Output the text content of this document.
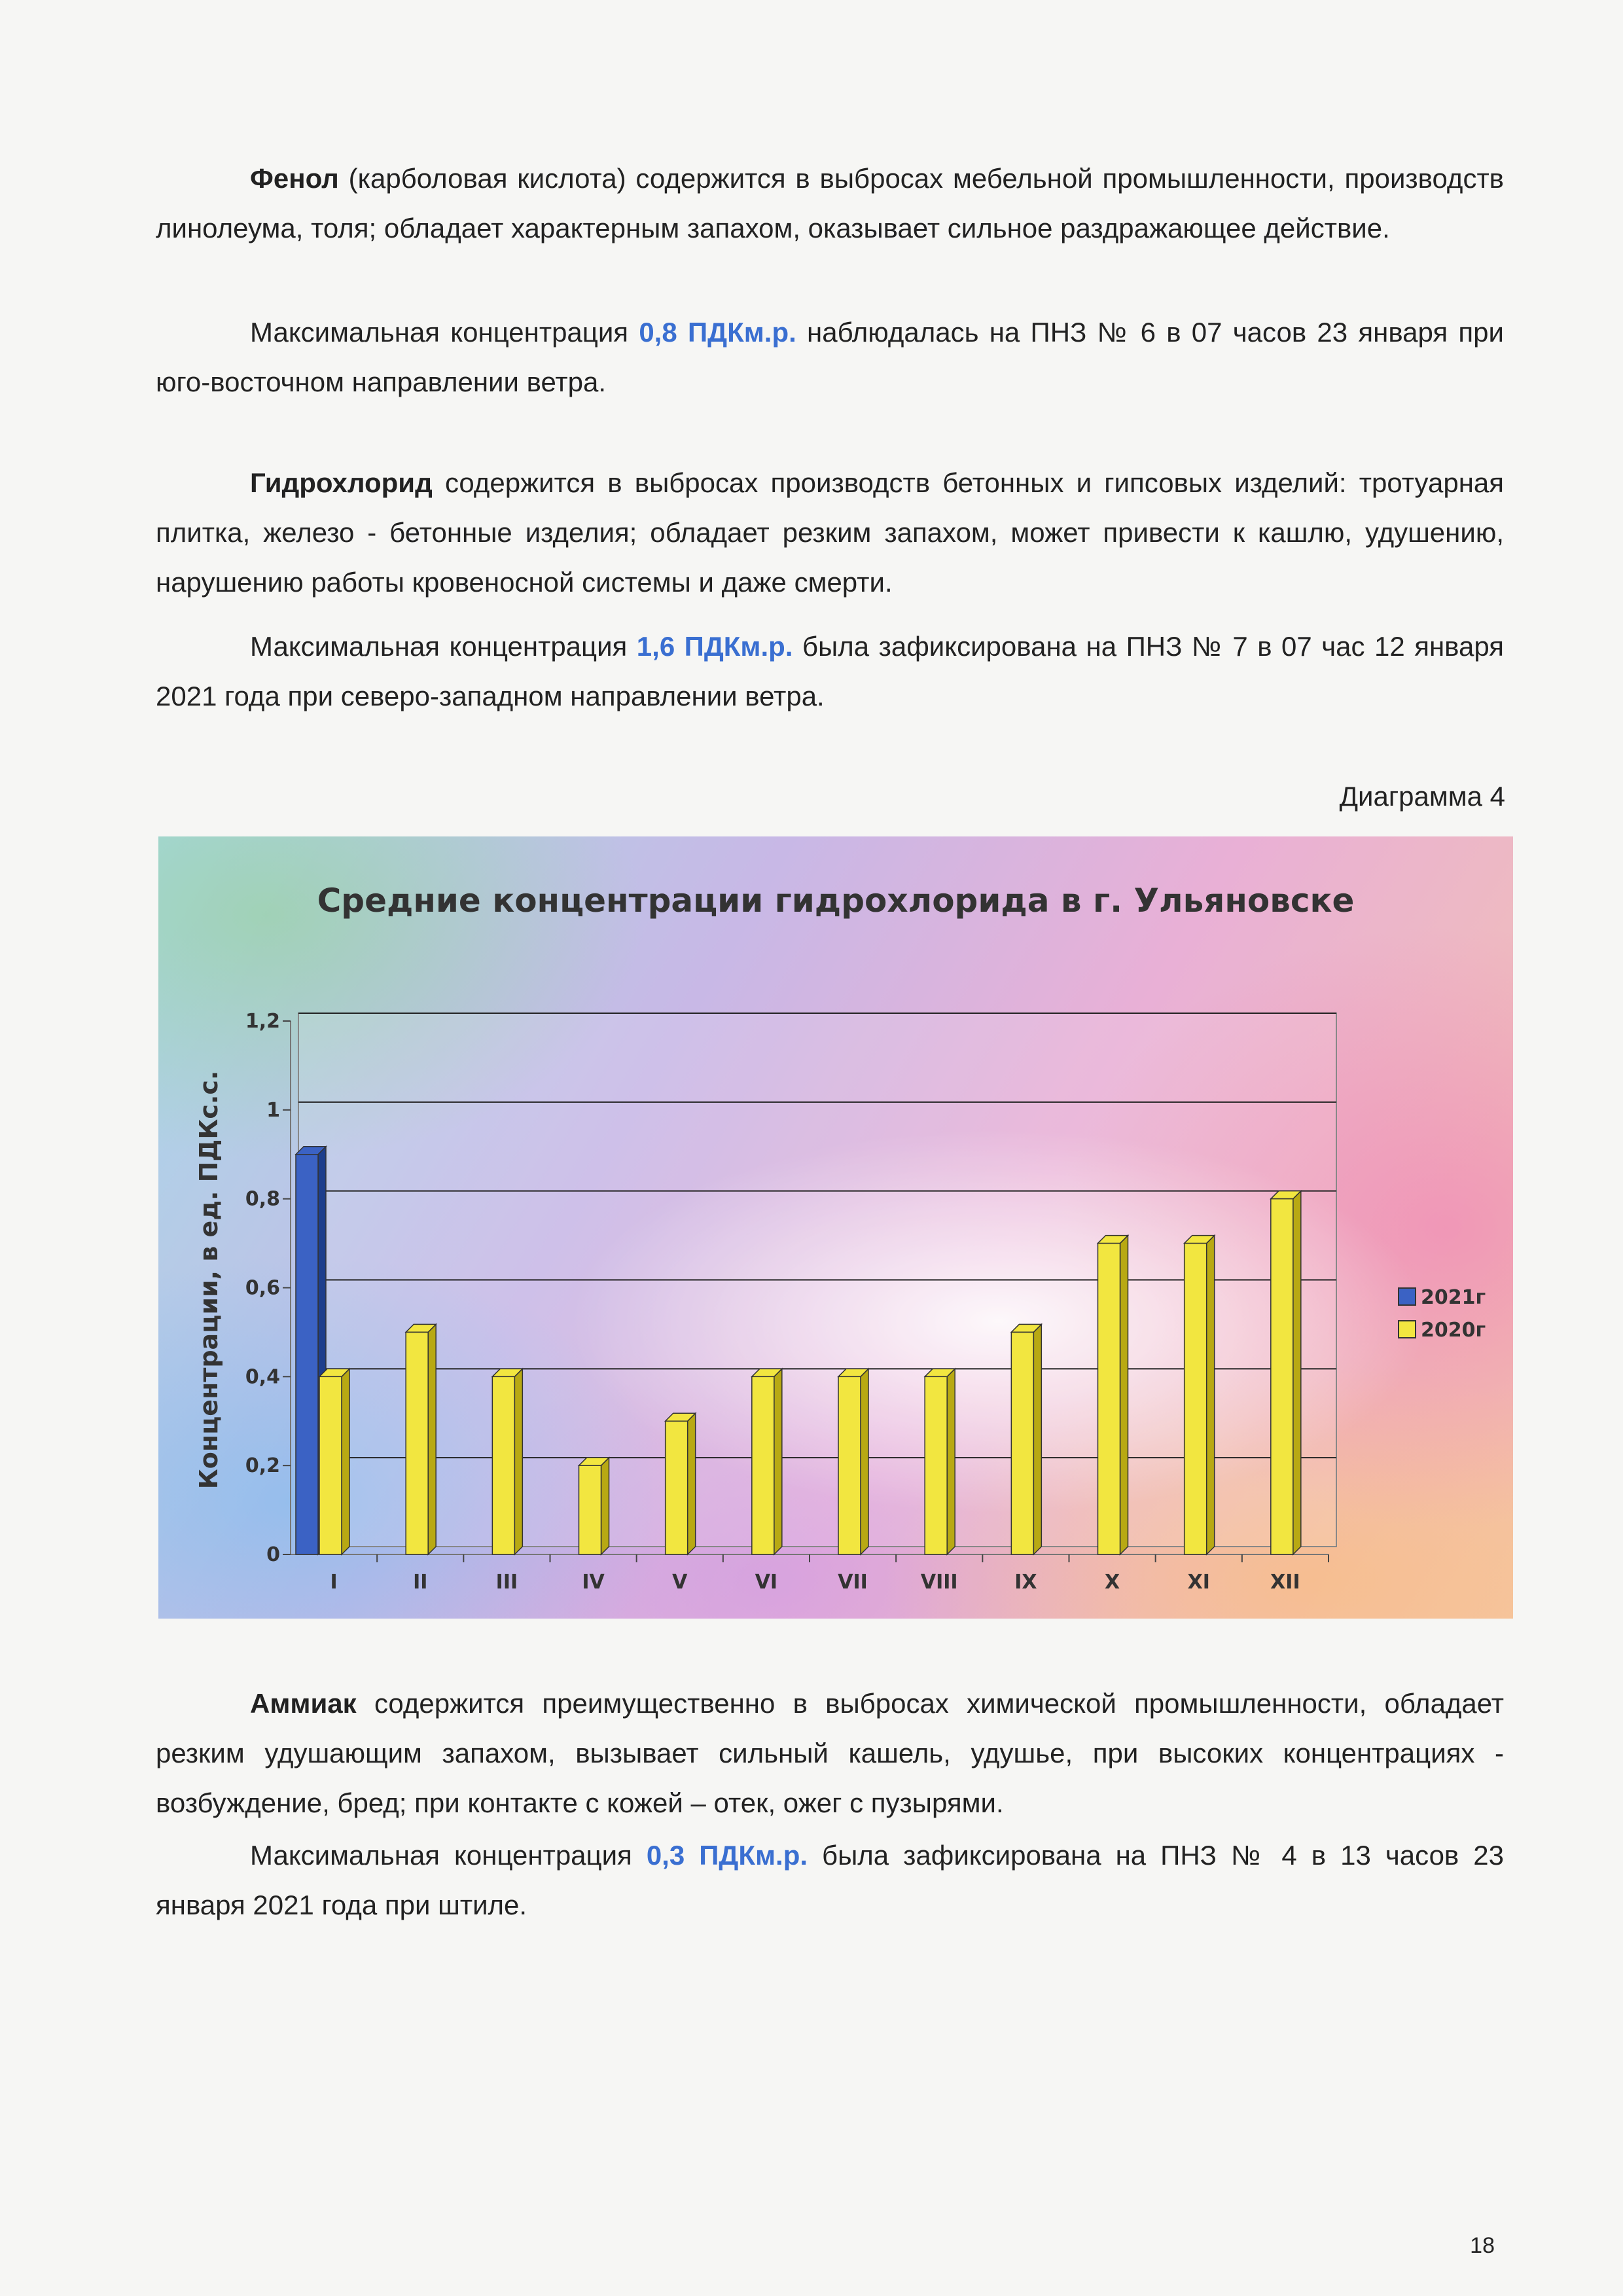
Фенол (карболовая кислота) содержится в выбросах мебельной промышленности, производств линолеума, толя; обладает характерным запахом, оказывает сильное раздражающее действие.

Максимальная концентрация 0,8 ПДКм.р. наблюдалась на ПНЗ № 6 в 07 часов 23 января при юго-восточном направлении ветра.

Гидрохлорид содержится в выбросах производств бетонных и гипсовых изделий: тротуарная плитка, железо - бетонные изделия; обладает резким запахом, может привести к кашлю, удушению, нарушению работы кровеносной системы и даже смерти.

Максимальная концентрация 1,6 ПДКм.р. была зафиксирована на ПНЗ № 7 в 07 час 12 января 2021 года при северо-западном направлении ветра.

Диаграмма 4
Средние концентрации гидрохлорида в г. Ульяновске
0
0,2
0,4
0,6
0,8
1
1,2
Концентрации, в ед. ПДКс.с.
I	II	III	IV	V	VI	VII	VIII	IX	X	XI	XII
2021г
2020г

Аммиак содержится преимущественно в выбросах химической промышленности, обладает резким удушающим запахом, вызывает сильный кашель, удушье, при высоких концентрациях - возбуждение, бред; при контакте с кожей – отек, ожег с пузырями.

Максимальная концентрация 0,3 ПДКм.р. была зафиксирована на ПНЗ № 4 в 13 часов 23 января 2021 года при штиле.

18
